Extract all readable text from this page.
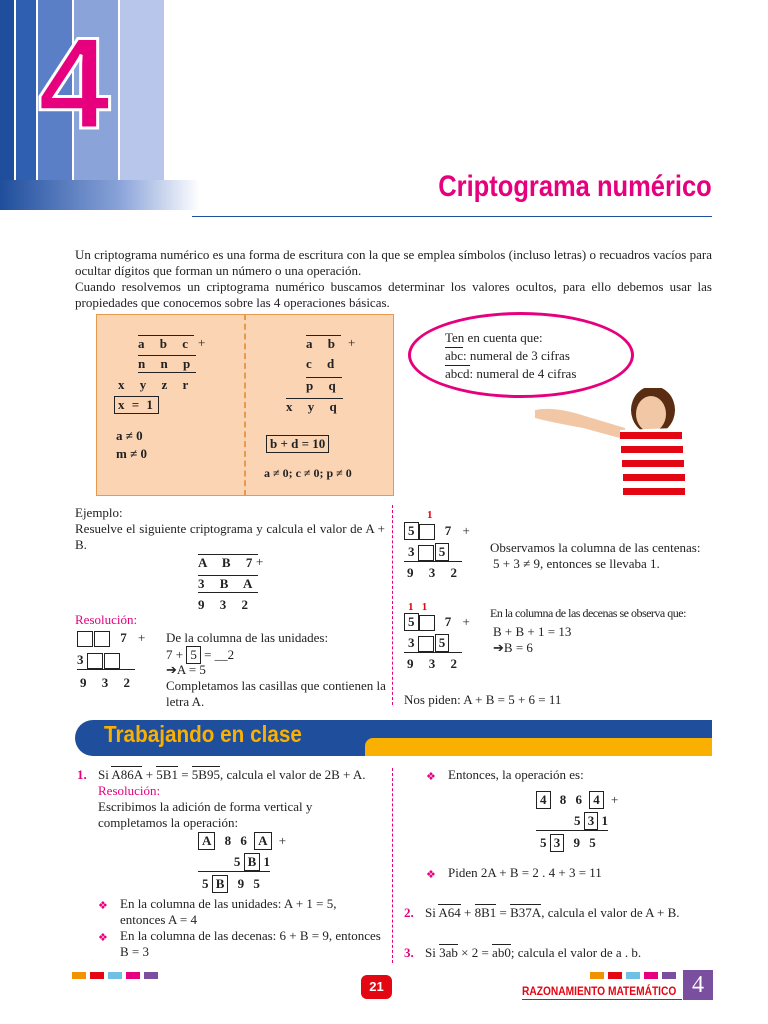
4
Criptograma numérico
Un criptograma numérico es una forma de escritura con la que se emplea símbolos (incluso letras) o recuadros vacíos para ocultar dígitos que forman un número o una operación.
Cuando resolvemos un criptograma numérico buscamos determinar los valores ocultos, para ello debemos usar las propiedades que conocemos sobre las 4 operaciones básicas.
a b c +
n n p
x y z r
x = 1
a ≠ 0
m ≠ 0
a b +
c d
p q
x y q
b + d = 10
a ≠ 0; c ≠ 0; p ≠ 0
Ten en cuenta que:
abc: numeral de 3 cifras
abcd: numeral de 4 cifras
Ejemplo:
Resuelve el siguiente criptograma y calcula el valor de A + B.
A B 7
+
3 B A
9 3 2
Resolución:
7 +
3
9 3 2
De la columna de las unidades:
7 + 5 = __2
➔A = 5
Completamos las casillas que contienen la letra A.
1
5 7 +
3 5
9 3 2
Observamos la columna de las centenas:
5 + 3 ≠ 9, entonces se llevaba 1.
1   1
5 7 +
3 5
9 3 2
En la columna de las decenas se observa que:
B + B + 1 = 13
➔B = 6
Nos piden: A + B = 5 + 6 = 11
Trabajando en clase
1. Si A86A + 5B1 = 5B95, calcula el valor de 2B + A.
Resolución:
Escribimos la adición de forma vertical y completamos la operación:
A 8 6 A +
5 B 1
5 B 9 5
❖ En la columna de las unidades: A + 1 = 5, entonces A = 4
❖ En la columna de las decenas: 6 + B = 9, entonces B = 3
❖ Entonces, la operación es:
4 8 6 4 +
5 3 1
5 3 9 5
❖ Piden 2A + B = 2 . 4 + 3 = 11
2. Si A64 + 8B1 = B37A, calcula el valor de A + B.
3. Si 3ab × 2 = ab0; calcula el valor de a . b.
21	RAZONAMIENTO MATEMÁTICO 4
